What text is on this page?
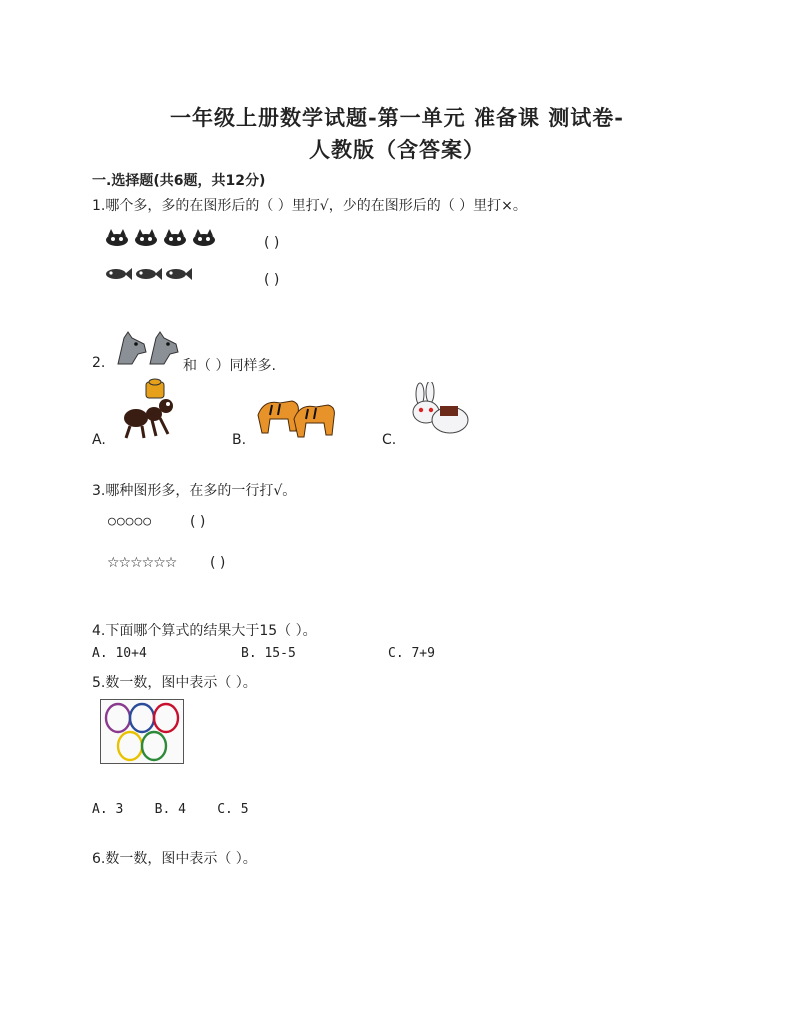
一年级上册数学试题-第一单元 准备课 测试卷-
人教版（含答案）
一.选择题(共6题，共12分)
1.哪个多，多的在图形后的（ ）里打√，少的在图形后的（ ）里打×。
( )
( )
2.	和（ ）同样多.
A.	B.	C.
3.哪种图形多，在多的一行打√。
○○○○○	( )
☆☆☆☆☆☆ ( )
4.下面哪个算式的结果大于15（ ）。
A. 10+4	B. 15-5	C. 7+9
5.数一数，图中表示（ ）。
A. 3    B. 4    C. 5
6.数一数，图中表示（ ）。
